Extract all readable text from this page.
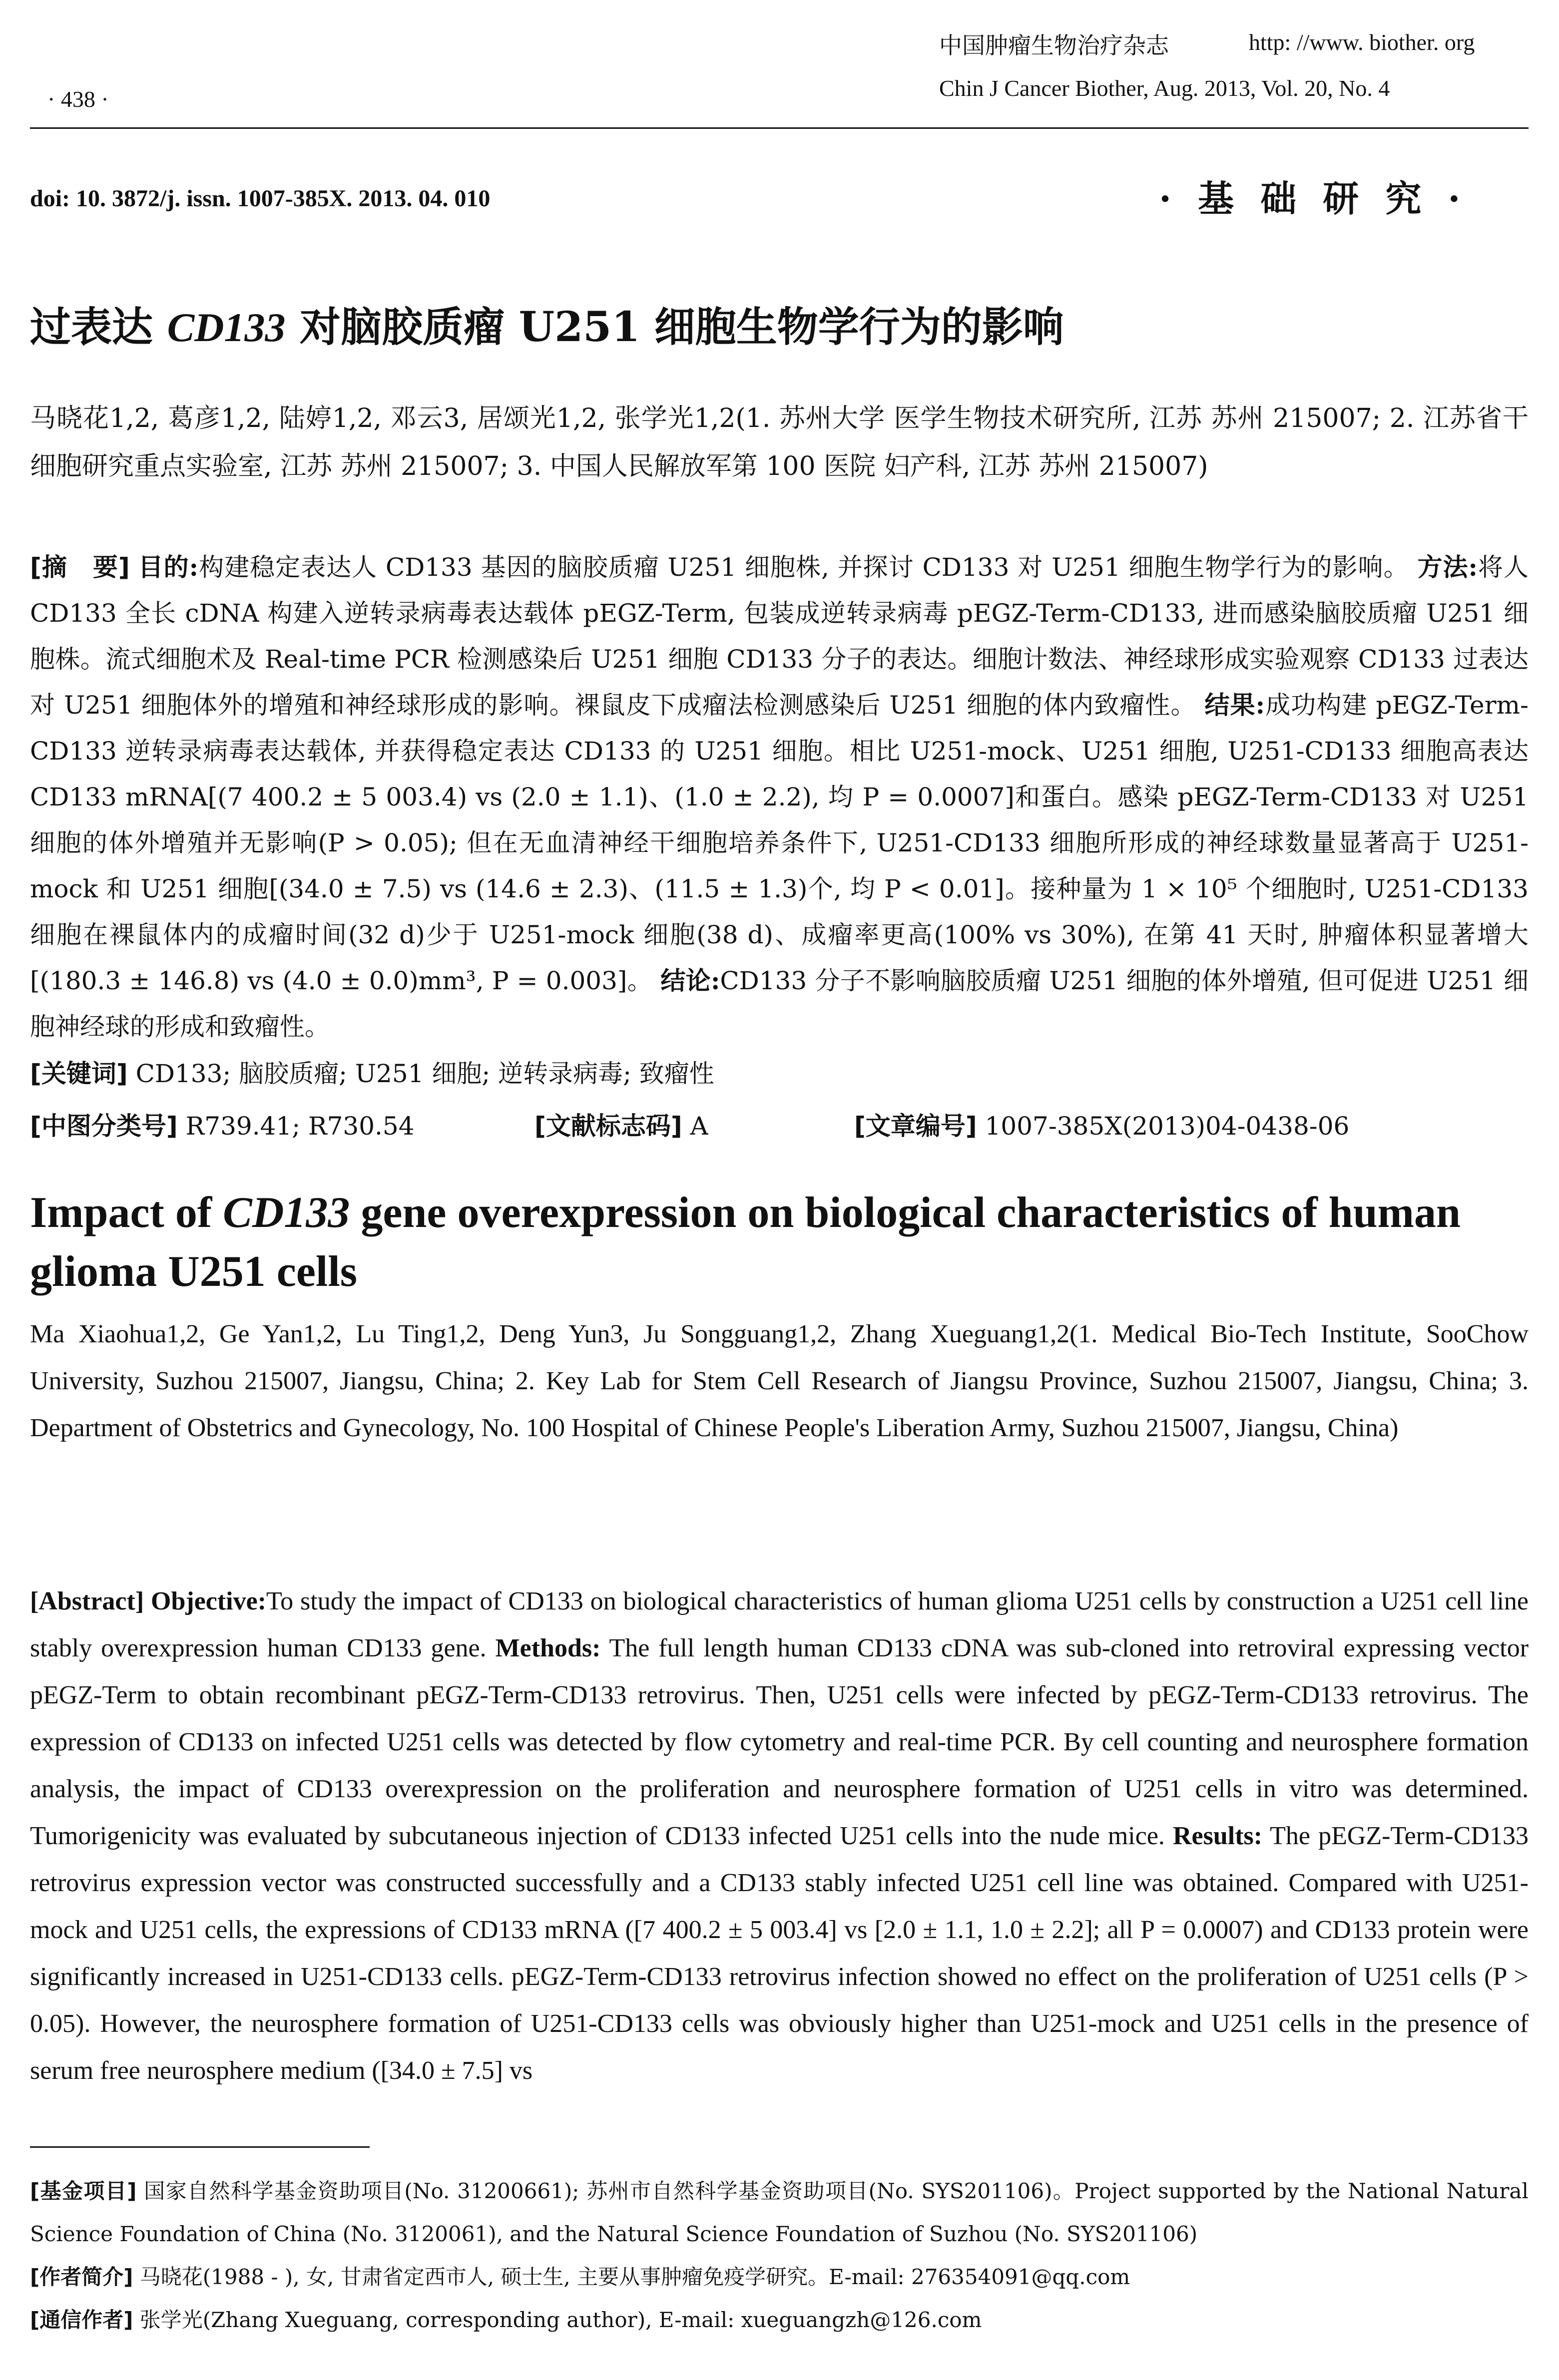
中国肿瘤生物治疗杂志	http: //www. biother. org
Chin J Cancer Biother, Aug. 2013, Vol. 20, No. 4
· 438 ·
doi: 10. 3872/j. issn. 1007-385X. 2013. 04. 010	· 基 础 研 究 ·
过表达 CD133 对脑胶质瘤 U251 细胞生物学行为的影响
马晓花1,2, 葛彦1,2, 陆婷1,2, 邓云3, 居颂光1,2, 张学光1,2(1. 苏州大学 医学生物技术研究所, 江苏 苏州 215007; 2. 江苏省干细胞研究重点实验室, 江苏 苏州 215007; 3. 中国人民解放军第 100 医院 妇产科, 江苏 苏州 215007)
[摘　要] 目的:构建稳定表达人 CD133 基因的脑胶质瘤 U251 细胞株, 并探讨 CD133 对 U251 细胞生物学行为的影响。 方法:将人 CD133 全长 cDNA 构建入逆转录病毒表达载体 pEGZ-Term, 包装成逆转录病毒 pEGZ-Term-CD133, 进而感染脑胶质瘤 U251 细胞株。流式细胞术及 Real-time PCR 检测感染后 U251 细胞 CD133 分子的表达。细胞计数法、神经球形成实验观察 CD133 过表达对 U251 细胞体外的增殖和神经球形成的影响。裸鼠皮下成瘤法检测感染后 U251 细胞的体内致瘤性。 结果:成功构建 pEGZ-Term-CD133 逆转录病毒表达载体, 并获得稳定表达 CD133 的 U251 细胞。相比 U251-mock、U251 细胞, U251-CD133 细胞高表达 CD133 mRNA[(7 400.2 ± 5 003.4) vs (2.0 ± 1.1)、(1.0 ± 2.2), 均 P = 0.0007]和蛋白。感染 pEGZ-Term-CD133 对 U251 细胞的体外增殖并无影响(P > 0.05); 但在无血清神经干细胞培养条件下, U251-CD133 细胞所形成的神经球数量显著高于 U251-mock 和 U251 细胞[(34.0 ± 7.5) vs (14.6 ± 2.3)、(11.5 ± 1.3)个, 均 P < 0.01]。接种量为 1 × 10⁵ 个细胞时, U251-CD133 细胞在裸鼠体内的成瘤时间(32 d)少于 U251-mock 细胞(38 d)、成瘤率更高(100% vs 30%), 在第 41 天时, 肿瘤体积显著增大[(180.3 ± 146.8) vs (4.0 ± 0.0)mm³, P = 0.003]。 结论:CD133 分子不影响脑胶质瘤 U251 细胞的体外增殖, 但可促进 U251 细胞神经球的形成和致瘤性。
[关键词] CD133; 脑胶质瘤; U251 细胞; 逆转录病毒; 致瘤性
[中图分类号] R739.41; R730.54	[文献标志码] A	[文章编号] 1007-385X(2013)04-0438-06
Impact of CD133 gene overexpression on biological characteristics of human glioma U251 cells
Ma Xiaohua1,2, Ge Yan1,2, Lu Ting1,2, Deng Yun3, Ju Songguang1,2, Zhang Xueguang1,2(1. Medical Bio-Tech Institute, SooChow University, Suzhou 215007, Jiangsu, China; 2. Key Lab for Stem Cell Research of Jiangsu Province, Suzhou 215007, Jiangsu, China; 3. Department of Obstetrics and Gynecology, No. 100 Hospital of Chinese People's Liberation Army, Suzhou 215007, Jiangsu, China)
[Abstract] Objective:To study the impact of CD133 on biological characteristics of human glioma U251 cells by construction a U251 cell line stably overexpression human CD133 gene. Methods: The full length human CD133 cDNA was sub-cloned into retroviral expressing vector pEGZ-Term to obtain recombinant pEGZ-Term-CD133 retrovirus. Then, U251 cells were infected by pEGZ-Term-CD133 retrovirus. The expression of CD133 on infected U251 cells was detected by flow cytometry and real-time PCR. By cell counting and neurosphere formation analysis, the impact of CD133 overexpression on the proliferation and neurosphere formation of U251 cells in vitro was determined. Tumorigenicity was evaluated by subcutaneous injection of CD133 infected U251 cells into the nude mice. Results: The pEGZ-Term-CD133 retrovirus expression vector was constructed successfully and a CD133 stably infected U251 cell line was obtained. Compared with U251-mock and U251 cells, the expressions of CD133 mRNA ([7 400.2 ± 5 003.4] vs [2.0 ± 1.1, 1.0 ± 2.2]; all P = 0.0007) and CD133 protein were significantly increased in U251-CD133 cells. pEGZ-Term-CD133 retrovirus infection showed no effect on the proliferation of U251 cells (P > 0.05). However, the neurosphere formation of U251-CD133 cells was obviously higher than U251-mock and U251 cells in the presence of serum free neurosphere medium ([34.0 ± 7.5] vs
[基金项目] 国家自然科学基金资助项目(No. 31200661); 苏州市自然科学基金资助项目(No. SYS201106)。Project supported by the National Natural Science Foundation of China (No. 3120061), and the Natural Science Foundation of Suzhou (No. SYS201106)
[作者简介] 马晓花(1988 - ), 女, 甘肃省定西市人, 硕士生, 主要从事肿瘤免疫学研究。E-mail: 276354091@qq.com
[通信作者] 张学光(Zhang Xueguang, corresponding author), E-mail: xueguangzh@126.com
